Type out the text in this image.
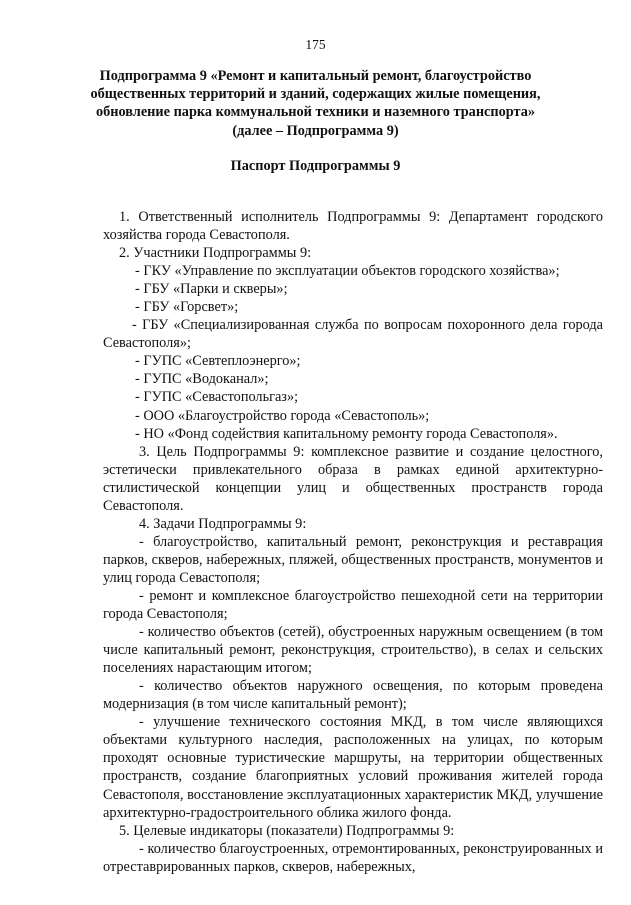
175
Подпрограмма 9 «Ремонт и капитальный ремонт, благоустройство
общественных территорий и зданий, содержащих жилые помещения,
обновление парка коммунальной техники и наземного транспорта»
(далее – Подпрограмма 9)
Паспорт Подпрограммы 9

1. Ответственный исполнитель Подпрограммы 9: Департамент городского хозяйства города Севастополя.

2. Участники Подпрограммы 9:

- ГКУ «Управление по эксплуатации объектов городского хозяйства»;

- ГБУ «Парки и скверы»;

- ГБУ «Горсвет»;

- ГБУ «Специализированная служба по вопросам похоронного дела города Севастополя»;

- ГУПС «Севтеплоэнерго»;

- ГУПС «Водоканал»;

- ГУПС «Севастопольгаз»;

- ООО «Благоустройство города «Севастополь»;

- НО «Фонд содействия капитальному ремонту города Севастополя».

3. Цель Подпрограммы 9: комплексное развитие и создание целостного, эстетически привлекательного образа в рамках единой архитектурно-стилистической концепции улиц и общественных пространств города Севастополя.

4. Задачи Подпрограммы 9:

- благоустройство, капитальный ремонт, реконструкция и реставрация парков, скверов, набережных, пляжей, общественных пространств, монументов и улиц города Севастополя;

- ремонт и комплексное благоустройство пешеходной сети на территории города Севастополя;

- количество объектов (сетей), обустроенных наружным освещением (в том числе капитальный ремонт, реконструкция, строительство), в селах и сельских поселениях нарастающим итогом;

- количество объектов наружного освещения, по которым проведена модернизация (в том числе капитальный ремонт);

- улучшение технического состояния МКД, в том числе являющихся объектами культурного наследия, расположенных на улицах, по которым проходят основные туристические маршруты, на территории общественных пространств, создание благоприятных условий проживания жителей города Севастополя, восстановление эксплуатационных характеристик МКД, улучшение архитектурно-градостроительного облика жилого фонда.

5. Целевые индикаторы (показатели) Подпрограммы 9:

- количество благоустроенных, отремонтированных, реконструированных и отреставрированных парков, скверов, набережных,
